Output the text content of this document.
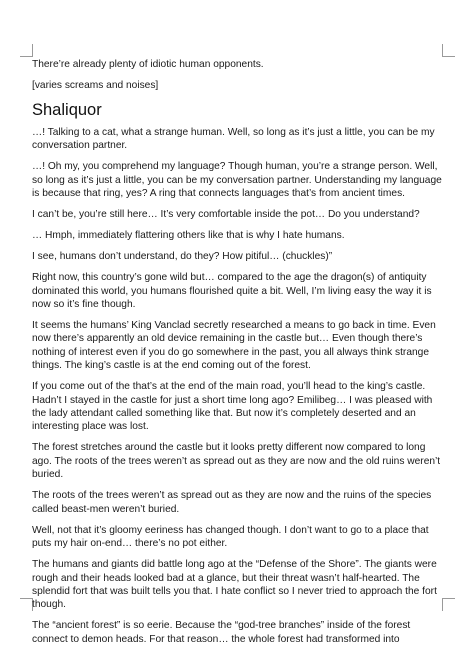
There’re already plenty of idiotic human opponents.

[varies screams and noises]

Shaliquor

…! Talking to a cat, what a strange human. Well, so long as it’s just a little, you can be my conversation partner.

…! Oh my, you comprehend my language? Though human, you’re a strange person. Well, so long as it’s just a little, you can be my conversation partner. Understanding my language is because that ring, yes? A ring that connects languages that’s from ancient times.

I can’t be, you’re still here… It’s very comfortable inside the pot… Do you understand?

… Hmph, immediately flattering others like that is why I hate humans.

I see, humans don’t understand, do they? How pitiful… (chuckles)”

Right now, this country’s gone wild but… compared to the age the dragon(s) of antiquity dominated this world, you humans flourished quite a bit. Well, I’m living easy the way it is now so it’s fine though.

It seems the humans’ King Vanclad secretly researched a means to go back in time. Even now there’s apparently an old device remaining in the castle but… Even though there’s nothing of interest even if you do go somewhere in the past, you all always think strange things. The king’s castle is at the end coming out of the forest.

If you come out of the that’s at the end of the main road, you’ll head to the king’s castle. Hadn’t I stayed in the castle for just a short time long ago? Emilibeg… I was pleased with the lady attendant called something like that. But now it’s completely deserted and an interesting place was lost.

The forest stretches around the castle but it looks pretty different now compared to long ago. The roots of the trees weren’t as spread out as they are now and the old ruins weren’t buried.

The roots of the trees weren’t as spread out as they are now and the ruins of the species called beast-men weren’t buried.

Well, not that it’s gloomy eeriness has changed though. I don’t want to go to a place that puts my hair on-end… there’s no pot either.

The humans and giants did battle long ago at the “Defense of the Shore”. The giants were rough and their heads looked bad at a glance, but their threat wasn’t half-hearted. The splendid fort that was built tells you that. I hate conflict so I never tried to approach the fort though.

The “ancient forest” is so eerie. Because the “god-tree branches” inside of the forest connect to demon heads. For that reason… the whole forest had transformed into
